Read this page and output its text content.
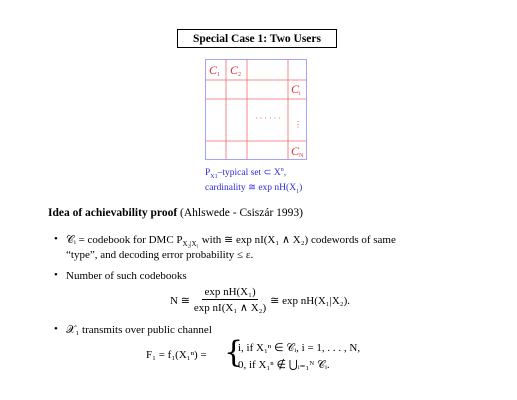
Special Case 1: Two Users
C 1 C 2
C i
C N
· · · · · ·
⋮
$P_{X1}$–typical set ⊂ $X^n$,
cardinality ≅ $\exp nH(X_1)$
Idea of achievability proof (Ahlswede - Csiszár 1993)
• 𝒞ᵢ = codebook for DMC $P_{X_2|X_1}$ with ≅ exp nI(X₁ ∧ X₂) codewords of same
“type”, and decoding error probability ≤ ε.
• Number of such codebooks
N ≅ $\frac{\text{exp nH(X₁)}}{\text{exp nI(X₁ ∧ X₂)}}$ ≅ exp nH(X₁|X₂).
• 𝒳₁ transmits over public channel
F₁ = f₁(X₁ⁿ) = {
i, if X₁ⁿ ∈ 𝒞ᵢ, i = 1, . . . , N,
0, if X₁ⁿ ∉ ⋃ᵢ₌₁ᴺ 𝒞ᵢ.
